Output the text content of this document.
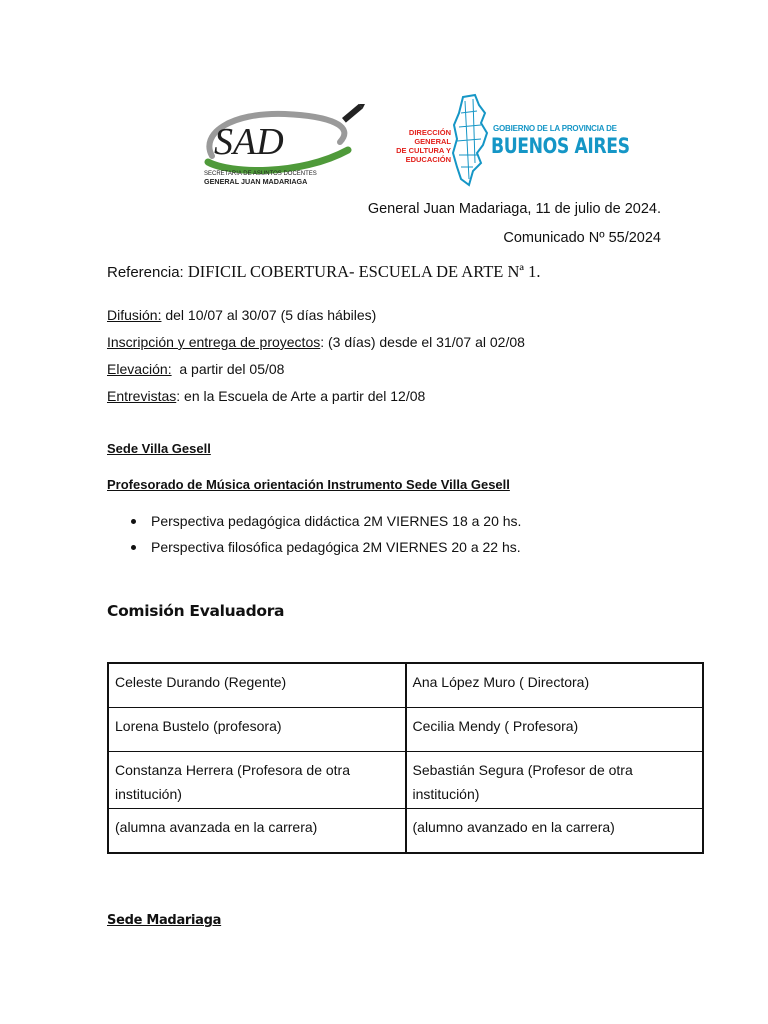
SAD
SECRETARIA DE ASUNTOS DOCENTES
GENERAL JUAN MADARIAGA
DIRECCIÓN GENERAL
DE CULTURA Y EDUCACIÓN
GOBIERNO DE LA PROVINCIA DE
BUENOS AIRES
General Juan Madariaga, 11 de julio de 2024.
Comunicado Nº 55/2024
Referencia: DIFICIL COBERTURA- ESCUELA DE ARTE Nª 1.
Difusión: del 10/07 al 30/07 (5 días hábiles)
Inscripción y entrega de proyectos: (3 días) desde el 31/07 al 02/08
Elevación:  a partir del 05/08
Entrevistas: en la Escuela de Arte a partir del 12/08
Sede Villa Gesell
Profesorado de Música orientación Instrumento Sede Villa Gesell
Perspectiva pedagógica didáctica 2M VIERNES 18 a 20 hs.
Perspectiva filosófica pedagógica 2M VIERNES 20 a 22 hs.
Comisión Evaluadora
Celeste Durando (Regente)	Ana López Muro ( Directora)
Lorena Bustelo (profesora)	Cecilia Mendy ( Profesora)
Constanza Herrera (Profesora de otra institución)	Sebastián Segura (Profesor de otra institución)
(alumna avanzada en la carrera)	(alumno avanzado en la carrera)
Sede Madariaga
